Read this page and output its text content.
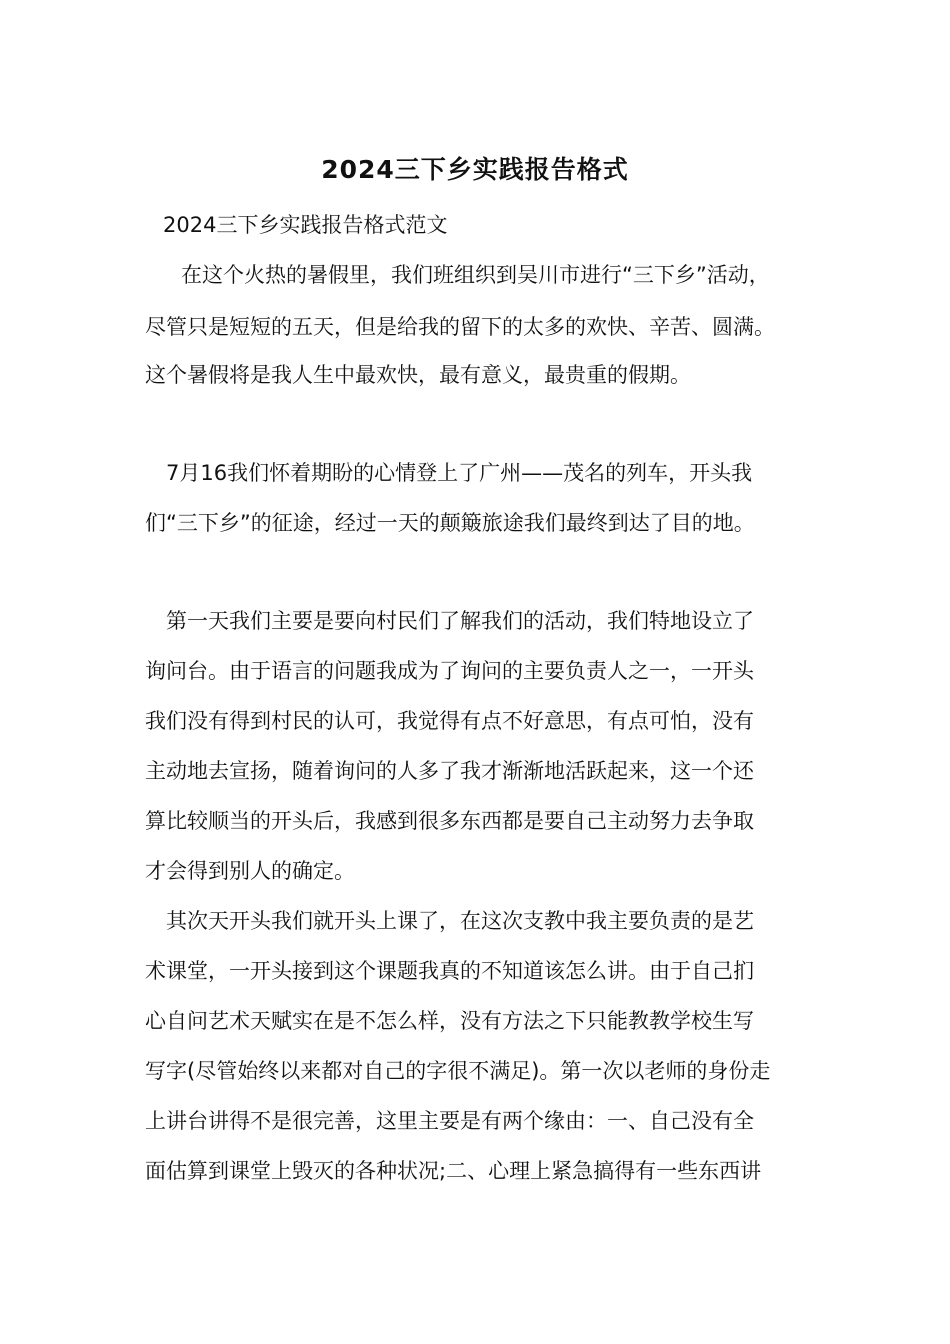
2024三下乡实践报告格式
2024三下乡实践报告格式范文
　在这个火热的暑假里，我们班组织到吴川市进行“三下乡”活动，
尽管只是短短的五天，但是给我的留下的太多的欢快、辛苦、圆满。
这个暑假将是我人生中最欢快，最有意义，最贵重的假期。
7月16我们怀着期盼的心情登上了广州——茂名的列车，开头我
们“三下乡”的征途，经过一天的颠簸旅途我们最终到达了目的地。
第一天我们主要是要向村民们了解我们的活动，我们特地设立了
询问台。由于语言的问题我成为了询问的主要负责人之一，一开头
我们没有得到村民的认可，我觉得有点不好意思，有点可怕，没有
主动地去宣扬，随着询问的人多了我才渐渐地活跃起来，这一个还
算比较顺当的开头后，我感到很多东西都是要自己主动努力去争取
才会得到别人的确定。
其次天开头我们就开头上课了，在这次支教中我主要负责的是艺
术课堂，一开头接到这个课题我真的不知道该怎么讲。由于自己扪
心自问艺术天赋实在是不怎么样，没有方法之下只能教教学校生写
写字(尽管始终以来都对自己的字很不满足)。第一次以老师的身份走
上讲台讲得不是很完善，这里主要是有两个缘由：一、自己没有全
面估算到课堂上毁灭的各种状况;二、心理上紧急搞得有一些东西讲
